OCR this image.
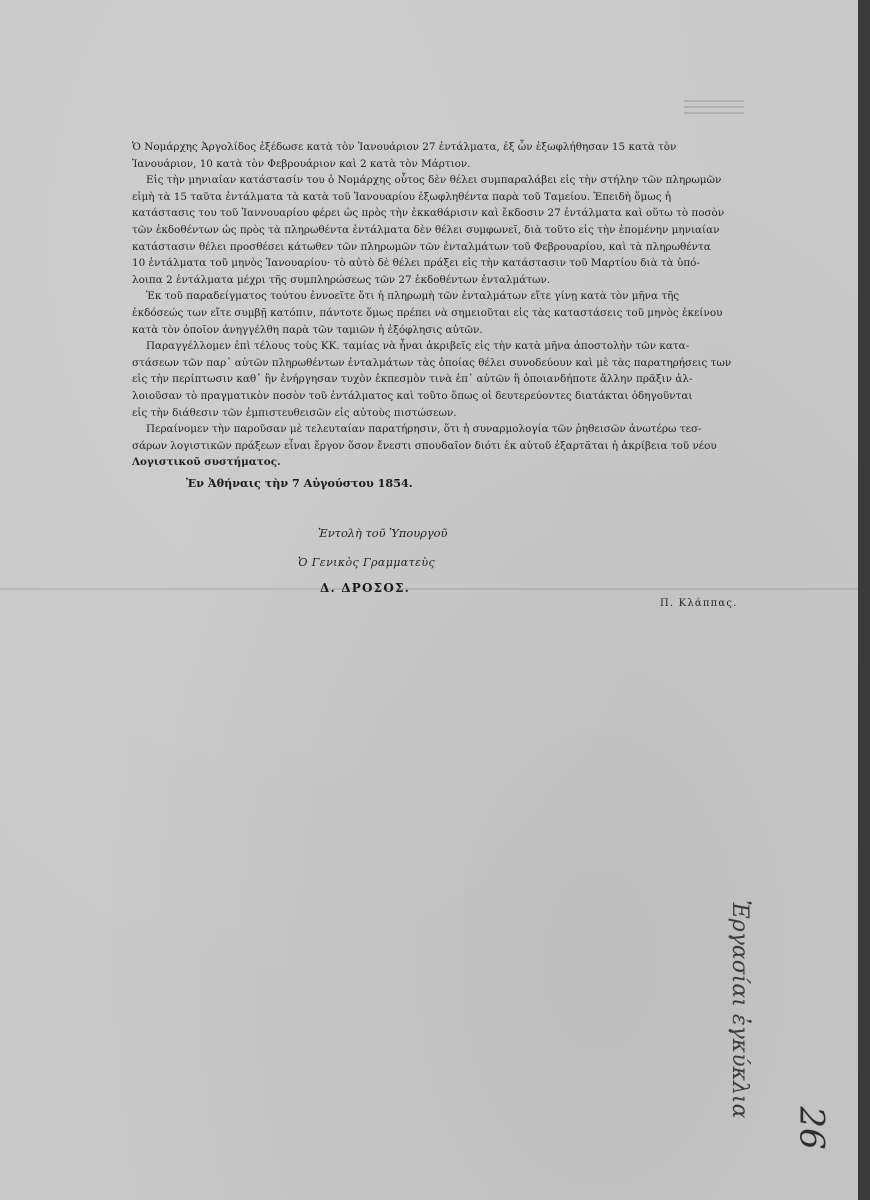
Ὁ Νομάρχης Ἀργολίδος ἐξέδωσε κατὰ τὸν Ἰανουάριον 27 ἐντάλματα, ἐξ ὧν ἐξωφλήθησαν 15 κατὰ τὸν
Ἰανουάριον, 10 κατὰ τὸν Φεβρουάριον καὶ 2 κατὰ τὸν Μάρτιον.
Εἰς τὴν μηνιαίαν κατάστασίν του ὁ Νομάρχης οὗτος δὲν θέλει συμπαραλάβει εἰς τὴν στήλην τῶν πληρωμῶν
εἰμὴ τὰ 15 ταῦτα ἐντάλματα τὰ κατὰ τοῦ Ἰανουαρίου ἐξωφληθέντα παρὰ τοῦ Ταμείου. Ἐπειδὴ ὅμως ἡ
κατάστασις του τοῦ Ἰαννουαρίου φέρει ὡς πρὸς τὴν ἐκκαθάρισιν καὶ ἔκδοσιν 27 ἐντάλματα καὶ οὕτω τὸ ποσὸν
τῶν ἐκδοθέντων ὡς πρὸς τὰ πληρωθέντα ἐντάλματα δὲν θέλει συμφωνεῖ, διὰ τοῦτο εἰς τὴν ἑπομένην μηνιαίαν
κατάστασιν θέλει προσθέσει κάτωθεν τῶν πληρωμῶν τῶν ἐνταλμάτων τοῦ Φεβρουαρίου, καὶ τὰ πληρωθέντα
10 ἐντάλματα τοῦ μηνὸς Ἰανουαρίου· τὸ αὐτὸ δὲ θέλει πράξει εἰς τὴν κατάστασιν τοῦ Μαρτίου διὰ τὰ ὑπό-
λοιπα 2 ἐντάλματα μέχρι τῆς συμπληρώσεως τῶν 27 ἐκδοθέντων ἐνταλμάτων.
Ἐκ τοῦ παραδείγματος τούτου ἐννοεῖτε ὅτι ἡ πληρωμὴ τῶν ἐνταλμάτων εἴτε γίνῃ κατὰ τὸν μῆνα τῆς
ἐκδόσεώς των εἴτε συμβῇ κατόπιν, πάντοτε ὅμως πρέπει νὰ σημειοῦται εἰς τὰς καταστάσεις τοῦ μηνὸς ἐκείνου
κατὰ τὸν ὁποῖον ἀνηγγέλθη παρὰ τῶν ταμιῶν ἡ ἐξόφλησις αὐτῶν.
Παραγγέλλομεν ἐπὶ τέλους τοὺς ΚΚ. ταμίας νὰ ἦναι ἀκριβεῖς εἰς τὴν κατὰ μῆνα ἀποστολὴν τῶν κατα-
στάσεων τῶν παρ᾽ αὐτῶν πληρωθέντων ἐνταλμάτων τὰς ὁποίας θέλει συνοδεύουν καὶ μὲ τὰς παρατηρήσεις των
εἰς τὴν περίπτωσιν καθ᾽ ἣν ἐνήργησαν τυχὸν ἐκπεσμὸν τινὰ ἐπ᾽ αὐτῶν ἢ ὁποιανδήποτε ἄλλην πρᾶξιν ἀλ-
λοιοῦσαν τὸ πραγματικὸν ποσὸν τοῦ ἐντάλματος καὶ τοῦτο ὅπως οἱ δευτερεύοντες διατάκται ὁδηγοῦνται
εἰς τὴν διάθεσιν τῶν ἐμπιστευθεισῶν εἰς αὐτοὺς πιστώσεων.
Περαίνομεν τὴν παροῦσαν μὲ τελευταίαν παρατήρησιν, ὅτι ἡ συναρμολογία τῶν ῥηθεισῶν ἀνωτέρω τεσ-
σάρων λογιστικῶν πράξεων εἶναι ἔργον ὅσον ἔνεστι σπουδαῖον διότι ἐκ αὐτοῦ ἐξαρτᾶται ἡ ἀκρίβεια τοῦ νέου
Λογιστικοῦ συστήματος.
Ἐν Ἀθήναις τὴν 7 Αὐγούστου 1854.
Ἐντολὴ τοῦ Ὑπουργοῦ
Ὁ Γενικὸς Γραμματεὺς
Δ. ΔΡΟΣΟΣ.
Π. Κλάππας.
Ἐργασίαι ἐγκύκλια
26
